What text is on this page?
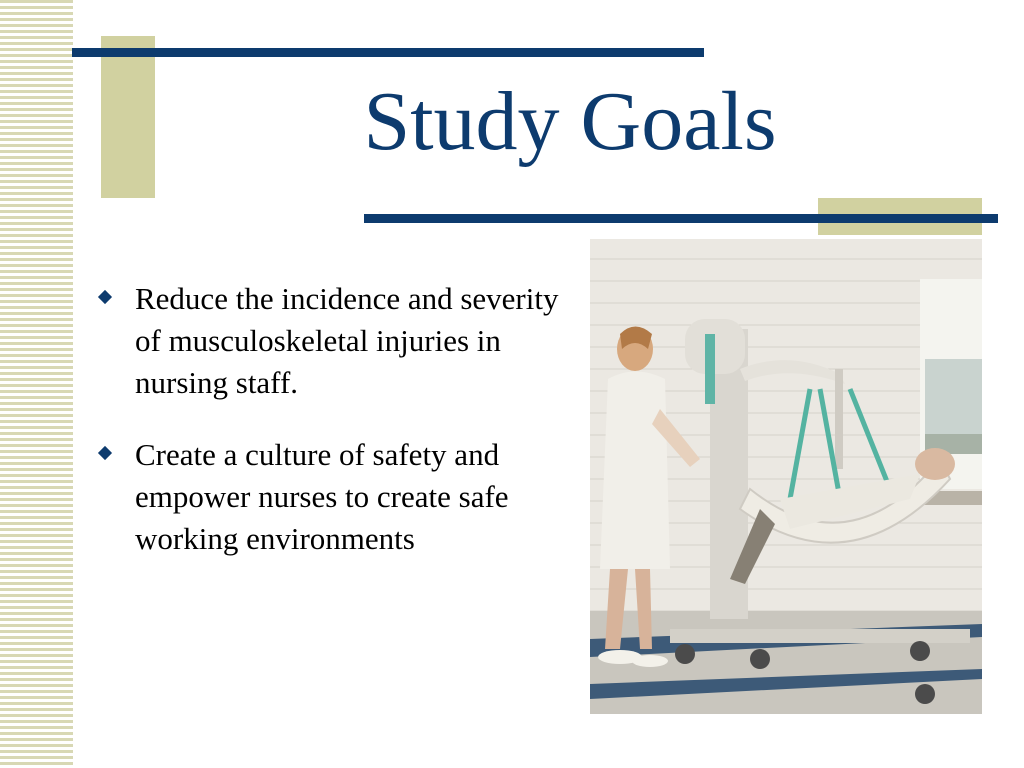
Study Goals
Reduce the incidence and severity of musculoskeletal injuries in nursing staff.
Create a culture of safety and empower nurses to create safe working environments
